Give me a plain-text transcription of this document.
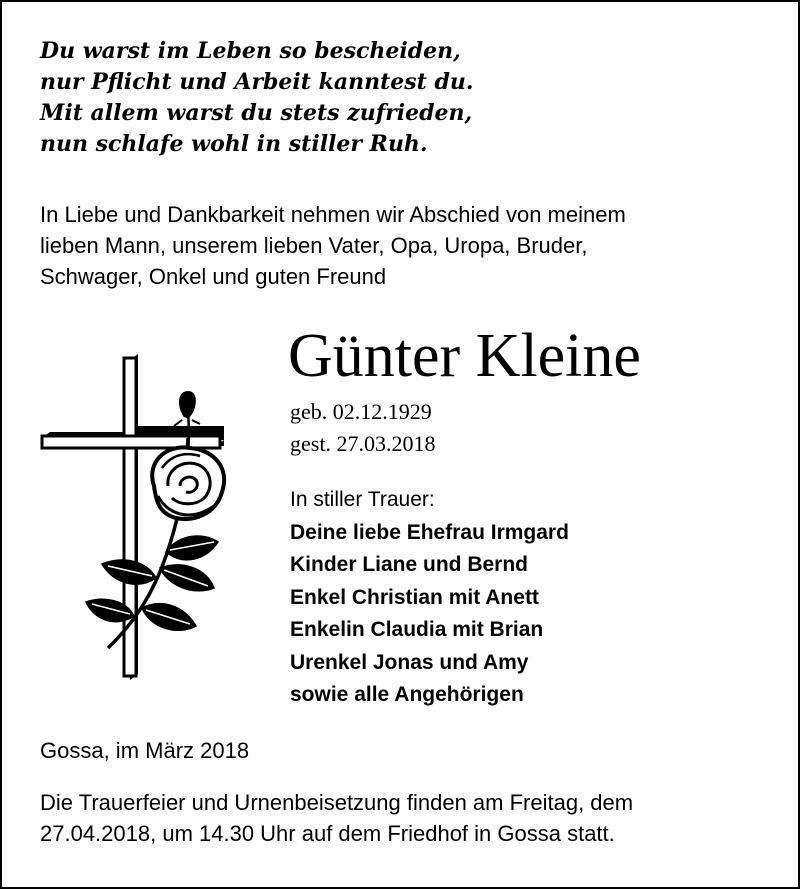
Du warst im Leben so bescheiden,
nur Pflicht und Arbeit kanntest du.
Mit allem warst du stets zufrieden,
nun schlafe wohl in stiller Ruh.
In Liebe und Dankbarkeit nehmen wir Abschied von meinem
lieben Mann, unserem lieben Vater, Opa, Uropa, Bruder,
Schwager, Onkel und guten Freund
Günter Kleine
geb. 02.12.1929
gest. 27.03.2018
In stiller Trauer:
Deine liebe Ehefrau Irmgard
Kinder Liane und Bernd
Enkel Christian mit Anett
Enkelin Claudia mit Brian
Urenkel Jonas und Amy
sowie alle Angehörigen
Gossa, im März 2018
Die Trauerfeier und Urnenbeisetzung finden am Freitag, dem
27.04.2018, um 14.30 Uhr auf dem Friedhof in Gossa statt.
